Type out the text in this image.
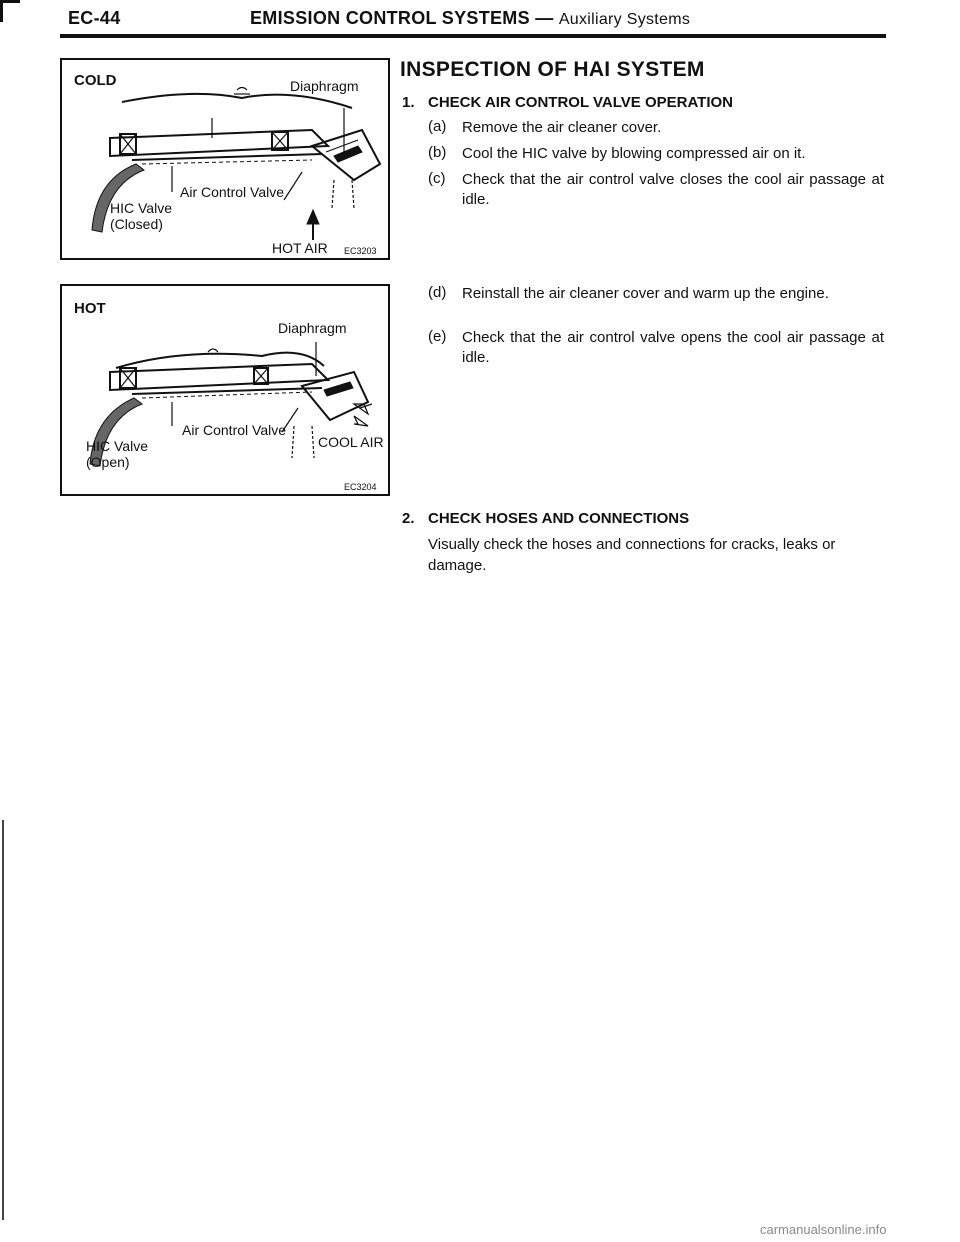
EC-44	EMISSION CONTROL SYSTEMS — Auxiliary Systems
COLD	Diaphragm
Air Control Valve
HIC Valve
(Closed)
HOT AIR EC3203
HOT
Diaphragm
Air Control Valve
HIC Valve	COOL AIR
(Open)
EC3204
INSPECTION OF HAI SYSTEM
1. CHECK AIR CONTROL VALVE OPERATION
(a) Remove the air cleaner cover.
(b) Cool the HIC valve by blowing compressed air on it.
(c) Check that the air control valve closes the cool air passage at idle.
(d) Reinstall the air cleaner cover and warm up the engine.
(e) Check that the air control valve opens the cool air passage at idle.
2. CHECK HOSES AND CONNECTIONS
Visually check the hoses and connections for cracks, leaks or damage.
carmanualsonline.info
